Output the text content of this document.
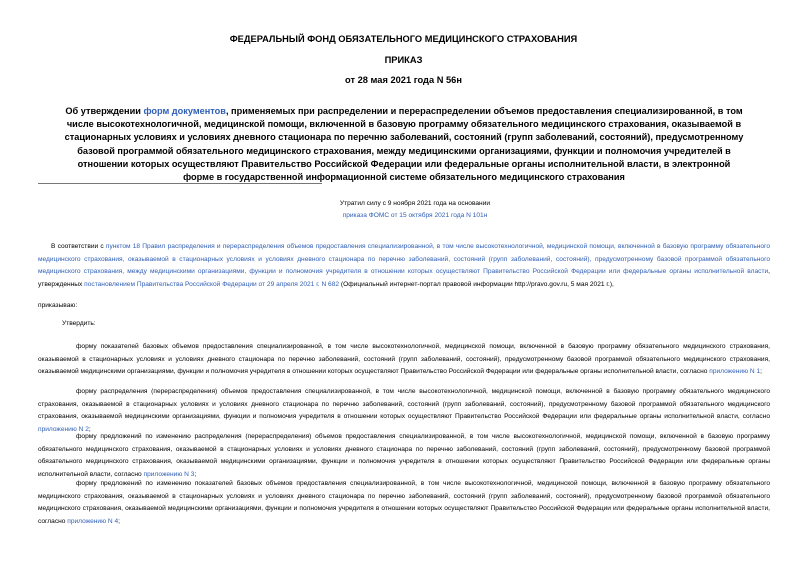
ФЕДЕРАЛЬНЫЙ ФОНД ОБЯЗАТЕЛЬНОГО МЕДИЦИНСКОГО СТРАХОВАНИЯ
ПРИКАЗ
от 28 мая 2021 года N 56н
Об утверждении форм документов, применяемых при распределении и перераспределении объемов предоставления специализированной, в том числе высокотехнологичной, медицинской помощи, включенной в базовую программу обязательного медицинского страхования, оказываемой в стационарных условиях и условиях дневного стационара по перечню заболеваний, состояний (групп заболеваний, состояний), предусмотренному базовой программой обязательного медицинского страхования, между медицинскими организациями, функции и полномочия учредителей в отношении которых осуществляют Правительство Российской Федерации или федеральные органы исполнительной власти, в электронной форме в государственной информационной системе обязательного медицинского страхования
Утратил силу с 9 ноября 2021 года на основании
приказа ФОМС от 15 октября 2021 года N 101н
В соответствии с пунктом 18 Правил распределения и перераспределения объемов предоставления специализированной, в том числе высокотехнологичной, медицинской помощи, включенной в базовую программу обязательного медицинского страхования, оказываемой в стационарных условиях и условиях дневного стационара по перечню заболеваний, состояний (групп заболеваний, состояний), предусмотренному базовой программой обязательного медицинского страхования, между медицинскими организациями, функции и полномочия учредителя в отношении которых осуществляют Правительство Российской Федерации или федеральные органы исполнительной власти, утвержденных постановлением Правительства Российской Федерации от 29 апреля 2021 г. N 682 (Официальный интернет-портал правовой информации http://pravo.gov.ru, 5 мая 2021 г.),
приказываю:
Утвердить:
форму показателей базовых объемов предоставления специализированной, в том числе высокотехнологичной, медицинской помощи, включенной в базовую программу обязательного медицинского страхования, оказываемой в стационарных условиях и условиях дневного стационара по перечню заболеваний, состояний (групп заболеваний, состояний), предусмотренному базовой программой обязательного медицинского страхования, оказываемой медицинскими организациями, функции и полномочия учредителя в отношении которых осуществляют Правительство Российской Федерации или федеральные органы исполнительной власти, согласно приложению N 1;
форму распределения (перераспределения) объемов предоставления специализированной, в том числе высокотехнологичной, медицинской помощи, включенной в базовую программу обязательного медицинского страхования, оказываемой в стационарных условиях и условиях дневного стационара по перечню заболеваний, состояний (групп заболеваний, состояний), предусмотренному базовой программой обязательного медицинского страхования, оказываемой медицинскими организациями, функции и полномочия учредителя в отношении которых осуществляют Правительство Российской Федерации или федеральные органы исполнительной власти, согласно приложению N 2;
форму предложений по изменению распределения (перераспределения) объемов предоставления специализированной, в том числе высокотехнологичной, медицинской помощи, включенной в базовую программу обязательного медицинского страхования, оказываемой в стационарных условиях и условиях дневного стационара по перечню заболеваний, состояний (групп заболеваний, состояний), предусмотренному базовой программой обязательного медицинского страхования, оказываемой медицинскими организациями, функции и полномочия учредителя в отношении которых осуществляют Правительство Российской Федерации или федеральные органы исполнительной власти, согласно приложению N 3;
форму предложений по изменению показателей базовых объемов предоставления специализированной, в том числе высокотехнологичной, медицинской помощи, включенной в базовую программу обязательного медицинского страхования, оказываемой в стационарных условиях и условиях дневного стационара по перечню заболеваний, состояний (групп заболеваний, состояний), предусмотренному базовой программой обязательного медицинского страхования, оказываемой медицинскими организациями, функции и полномочия учредителя в отношении которых осуществляют Правительство Российской Федерации или федеральные органы исполнительной власти, согласно приложению N 4;
